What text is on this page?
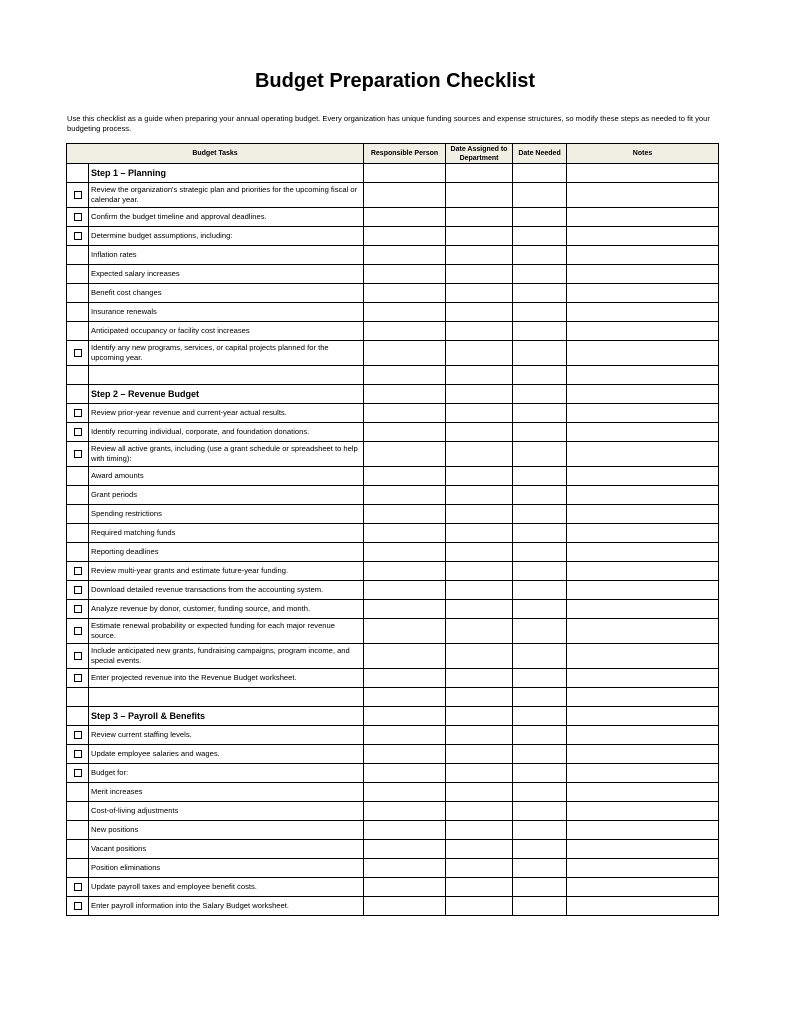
Budget Preparation Checklist
Use this checklist as a guide when preparing your annual operating budget. Every organization has unique funding sources and expense structures, so modify these steps as needed to fit your budgeting process.
Budget Tasks		Responsible Person	Date Assigned to Department	Date Needed	Notes
	Step 1 – Planning				
	Review the organization's strategic plan and priorities for the upcoming fiscal or calendar year.				
	Confirm the budget timeline and approval deadlines.				
	Determine budget assumptions, including:				
	Inflation rates				
	Expected salary increases				
	Benefit cost changes				
	Insurance renewals				
	Anticipated occupancy or facility cost increases				
	Identify any new programs, services, or capital projects planned for the upcoming year.				

	Step 2 – Revenue Budget				
	Review prior-year revenue and current-year actual results.				
	Identify recurring individual, corporate, and foundation donations.				
	Review all active grants, including (use a grant schedule or spreadsheet to help with timing):				
	Award amounts				
	Grant periods				
	Spending restrictions				
	Required matching funds				
	Reporting deadlines				
	Review multi-year grants and estimate future-year funding.				
	Download detailed revenue transactions from the accounting system.				
	Analyze revenue by donor, customer, funding source, and month.				
	Estimate renewal probability or expected funding for each major revenue source.				
	Include anticipated new grants, fundraising campaigns, program income, and special events.				
	Enter projected revenue into the Revenue Budget worksheet.				

	Step 3 – Payroll & Benefits				
	Review current staffing levels.				
	Update employee salaries and wages.				
	Budget for:				
	Merit increases				
	Cost-of-living adjustments				
	New positions				
	Vacant positions				
	Position eliminations				
	Update payroll taxes and employee benefit costs.				
	Enter payroll information into the Salary Budget worksheet.				
